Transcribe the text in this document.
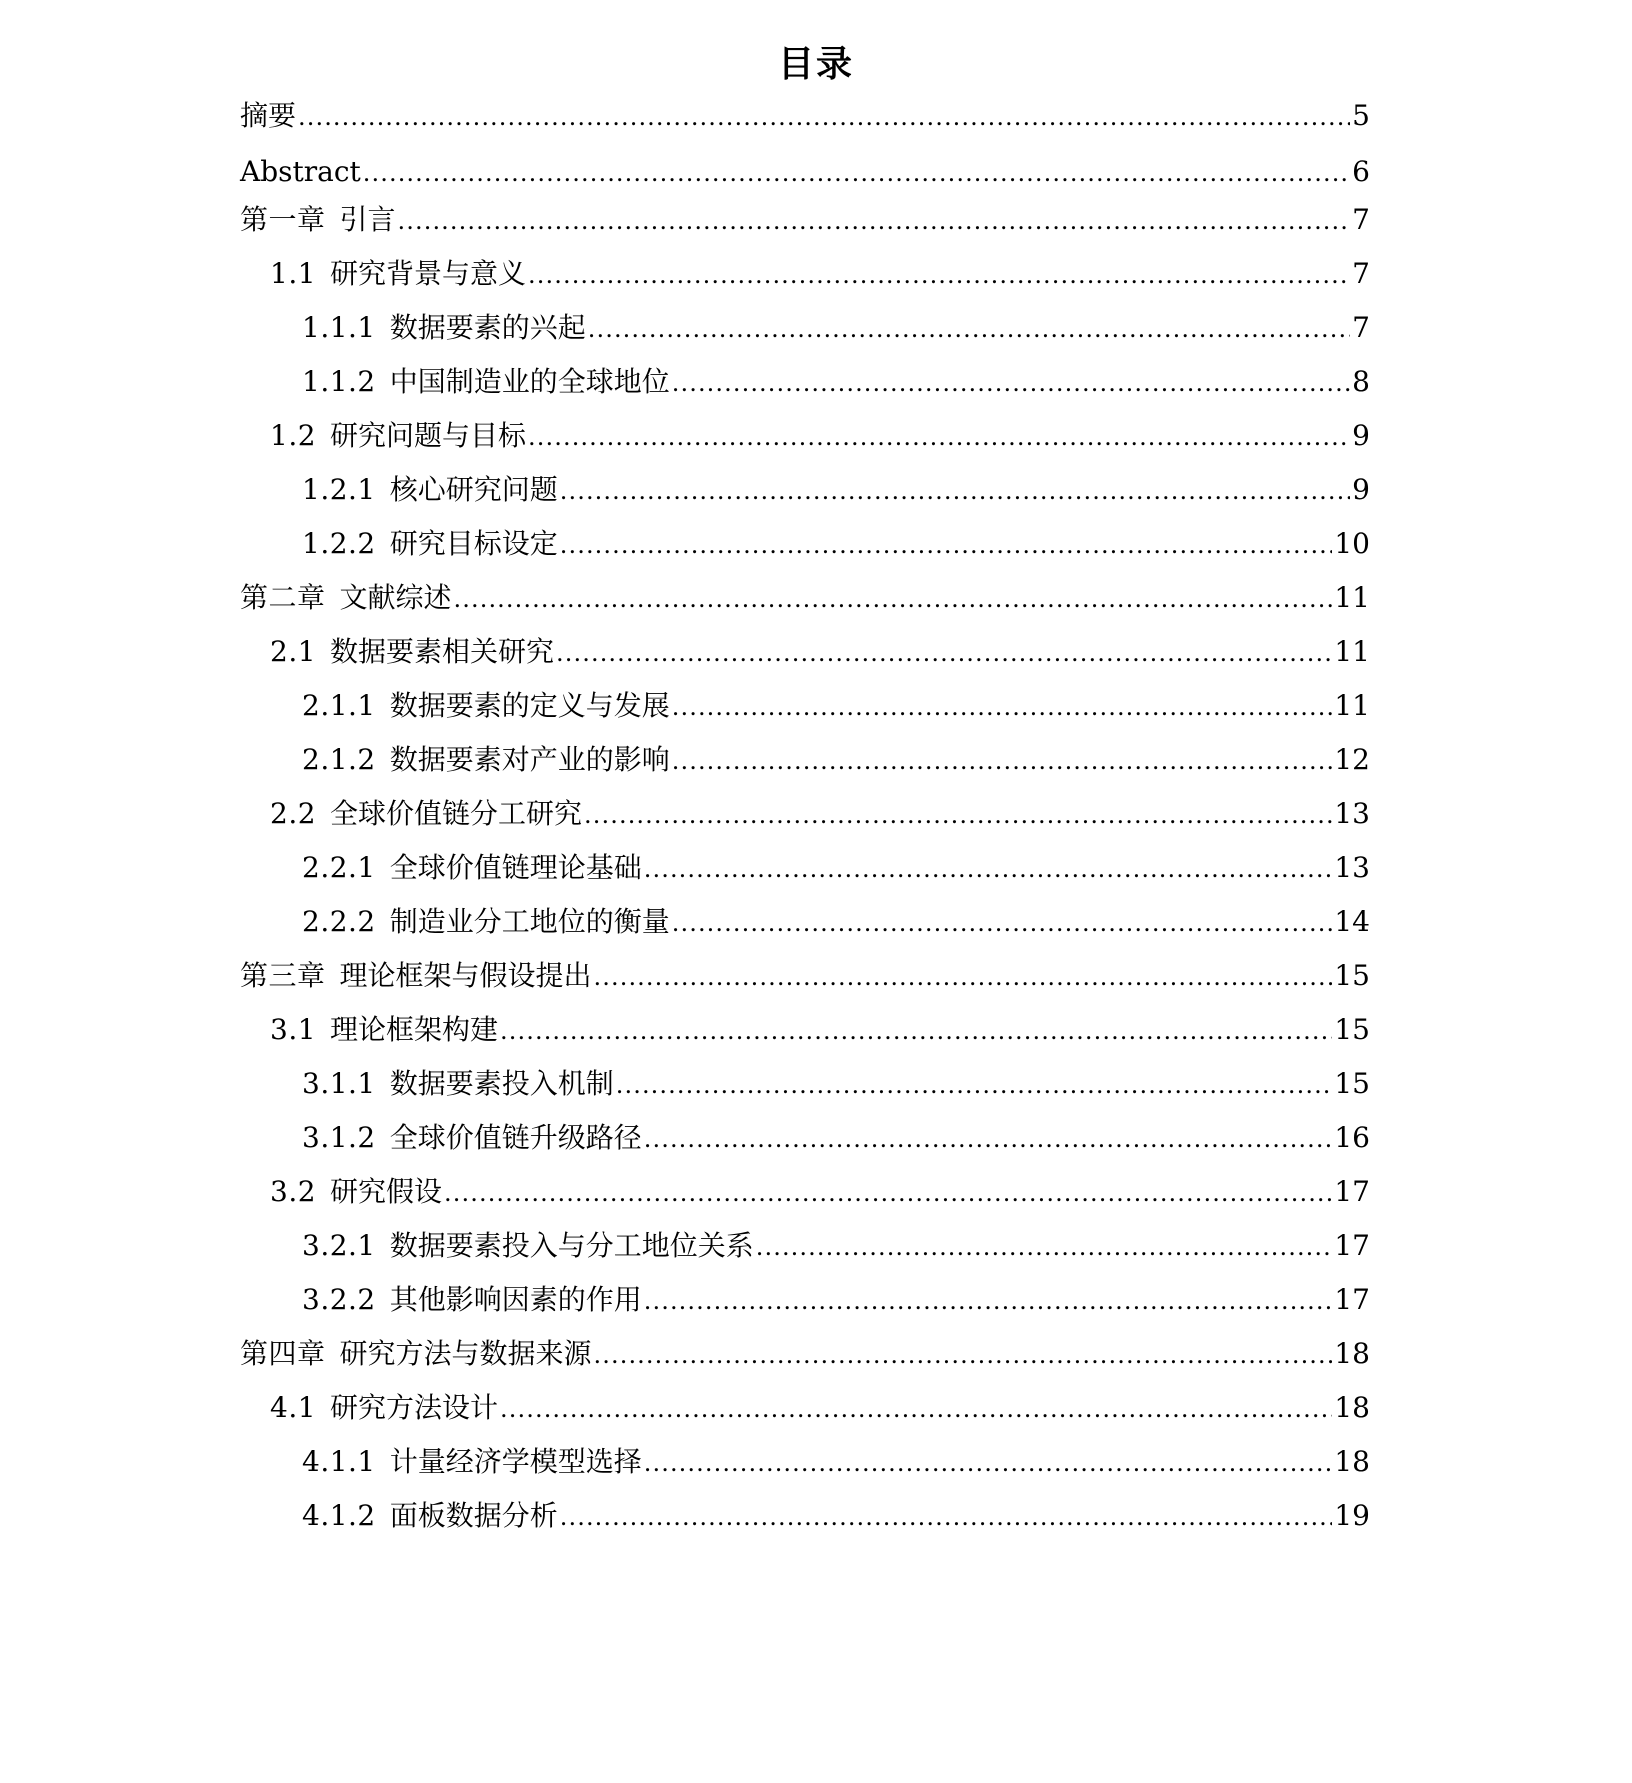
目录
摘要 .....	5
Abstract .....	6
第一章 引言 .....	7
1.1 研究背景与意义 .....	7
1.1.1 数据要素的兴起 .....	7
1.1.2 中国制造业的全球地位 .....	8
1.2 研究问题与目标 .....	9
1.2.1 核心研究问题 .....	9
1.2.2 研究目标设定 .....	10
第二章 文献综述 .....	11
2.1 数据要素相关研究 .....	11
2.1.1 数据要素的定义与发展 .....	11
2.1.2 数据要素对产业的影响 .....	12
2.2 全球价值链分工研究 .....	13
2.2.1 全球价值链理论基础 .....	13
2.2.2 制造业分工地位的衡量 .....	14
第三章 理论框架与假设提出 .....	15
3.1 理论框架构建 .....	15
3.1.1 数据要素投入机制 .....	15
3.1.2 全球价值链升级路径 .....	16
3.2 研究假设 .....	17
3.2.1 数据要素投入与分工地位关系 .....	17
3.2.2 其他影响因素的作用 .....	17
第四章 研究方法与数据来源 .....	18
4.1 研究方法设计 .....	18
4.1.1 计量经济学模型选择 .....	18
4.1.2 面板数据分析 .....	19
